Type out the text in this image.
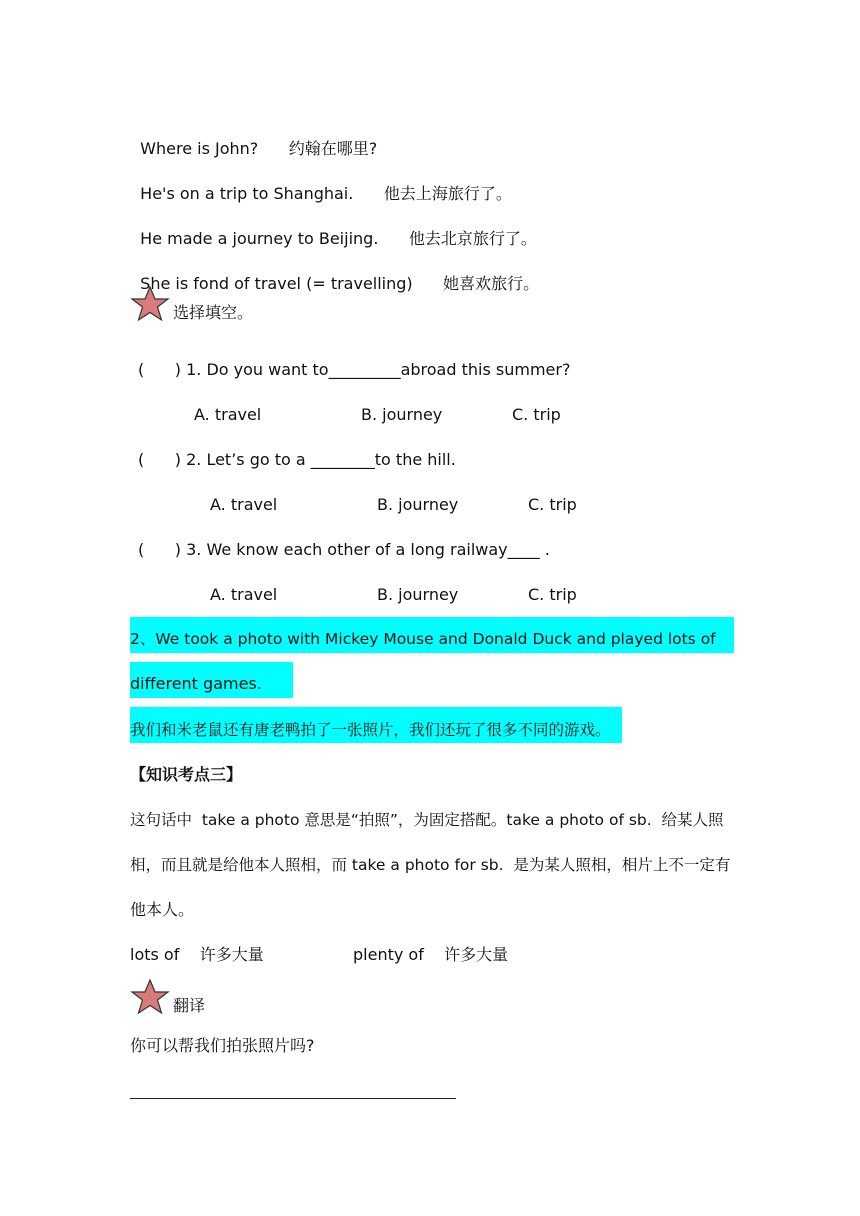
Where is John? 约翰在哪里?

He's on a trip to Shanghai. 他去上海旅行了。

He made a journey to Beijing. 他去北京旅行了。

She is fond of travel (= travelling) 她喜欢旅行。

选择填空。
(      ) 1. Do you want to_________abroad this summer?
A. travel	B. journey	C. trip
(      ) 2. Let’s go to a ________to the hill.
A. travel	B. journey	C. trip
(      ) 3. We know each other of a long railway____ .
A. travel	B. journey	C. trip
2、We took a photo with Mickey Mouse and Donald Duck and played lots of
different games.
我们和米老鼠还有唐老鸭拍了一张照片，我们还玩了很多不同的游戏。
【知识考点三】
这句话中  take a photo 意思是“拍照”，为固定搭配。take a photo of sb.  给某人照
相，而且就是给他本人照相，而 take a photo for sb.  是为某人照相，相片上不一定有
他本人。
lots of    许多大量	plenty of    许多大量
翻译
你可以帮我们拍张照片吗?
